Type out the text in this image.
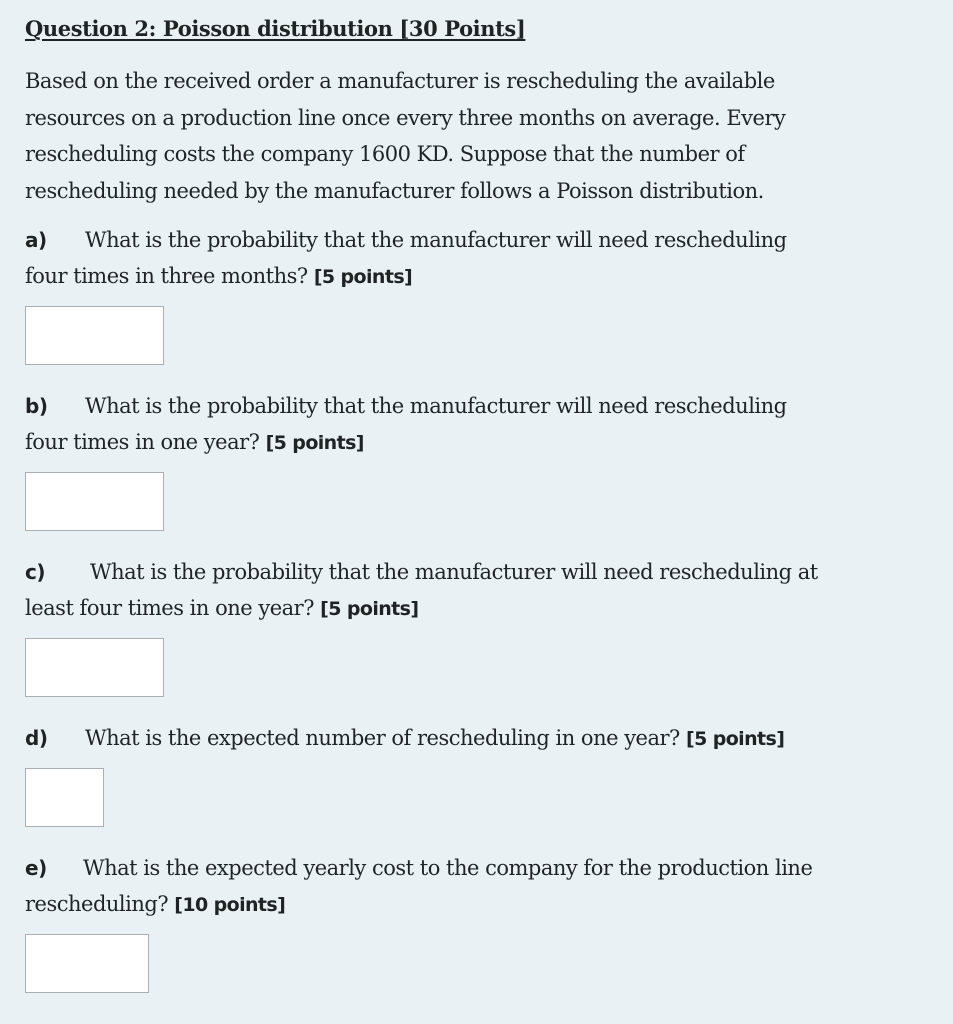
Question 2: Poisson distribution [30 Points]
Based on the received order a manufacturer is rescheduling the available
resources on a production line once every three months on average. Every
rescheduling costs the company 1600 KD. Suppose that the number of
rescheduling needed by the manufacturer follows a Poisson distribution.
a) What is the probability that the manufacturer will need rescheduling
four times in three months? [5 points]
b) What is the probability that the manufacturer will need rescheduling
four times in one year? [5 points]
c) What is the probability that the manufacturer will need rescheduling at
least four times in one year? [5 points]
d) What is the expected number of rescheduling in one year? [5 points]
e) What is the expected yearly cost to the company for the production line
rescheduling? [10 points]
